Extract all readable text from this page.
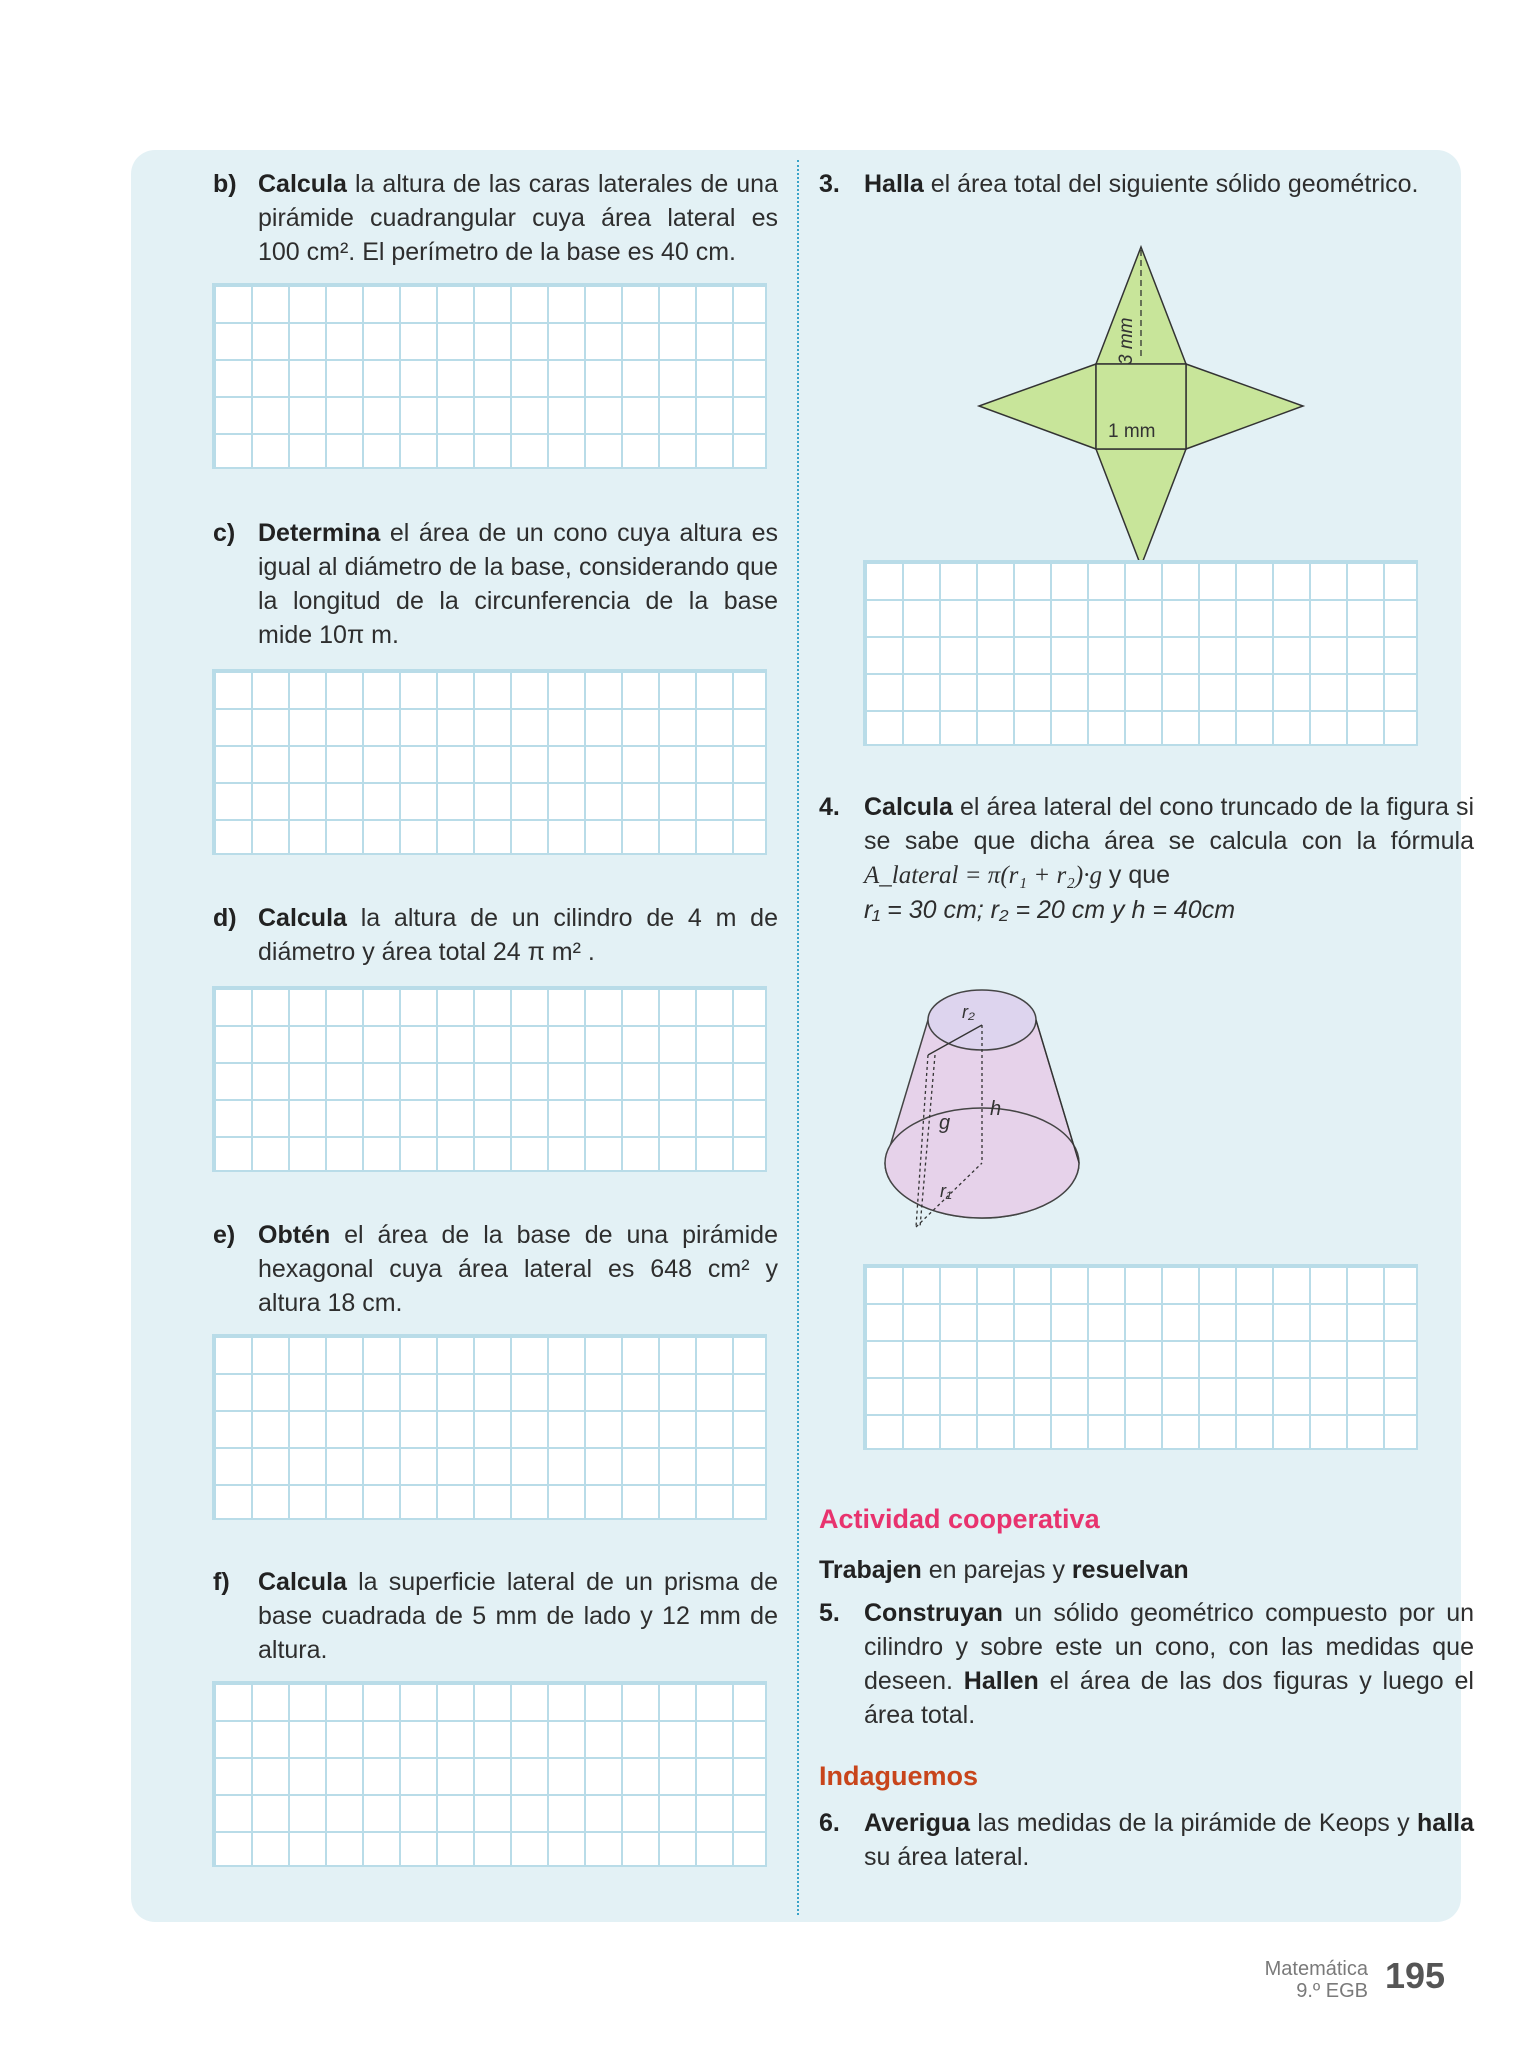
b) Calcula la altura de las caras laterales de una pirámide cuadrangular cuya área lateral es 100 cm². El perímetro de la base es 40 cm.
c) Determina el área de un cono cuya altura es igual al diámetro de la base, considerando que la longitud de la circunferencia de la base mide 10π m.
d) Calcula la altura de un cilindro de 4 m de diámetro y área total 24 π m² .
e) Obtén el área de la base de una pirámide hexagonal cuya área lateral es 648 cm² y altura 18 cm.
f) Calcula la superficie lateral de un prisma de base cuadrada de 5 mm de lado y 12 mm de altura.
3. Halla el área total del siguiente sólido geométrico.
3 mm
1 mm
4. Calcula el área lateral del cono truncado de la figura si se sabe que dicha área se calcula con la fórmula A_lateral = π(r₁ + r₂)·g y que
r₁ = 30 cm; r₂ = 20 cm y h = 40cm
r₂
h
g
r₁
Actividad cooperativa
Trabajen en parejas y resuelvan
5. Construyan un sólido geométrico compuesto por un cilindro y sobre este un cono, con las medidas que deseen. Hallen el área de las dos figuras y luego el área total.
Indaguemos
6. Averigua las medidas de la pirámide de Keops y halla su área lateral.
Matemática
9.º EGB 195
